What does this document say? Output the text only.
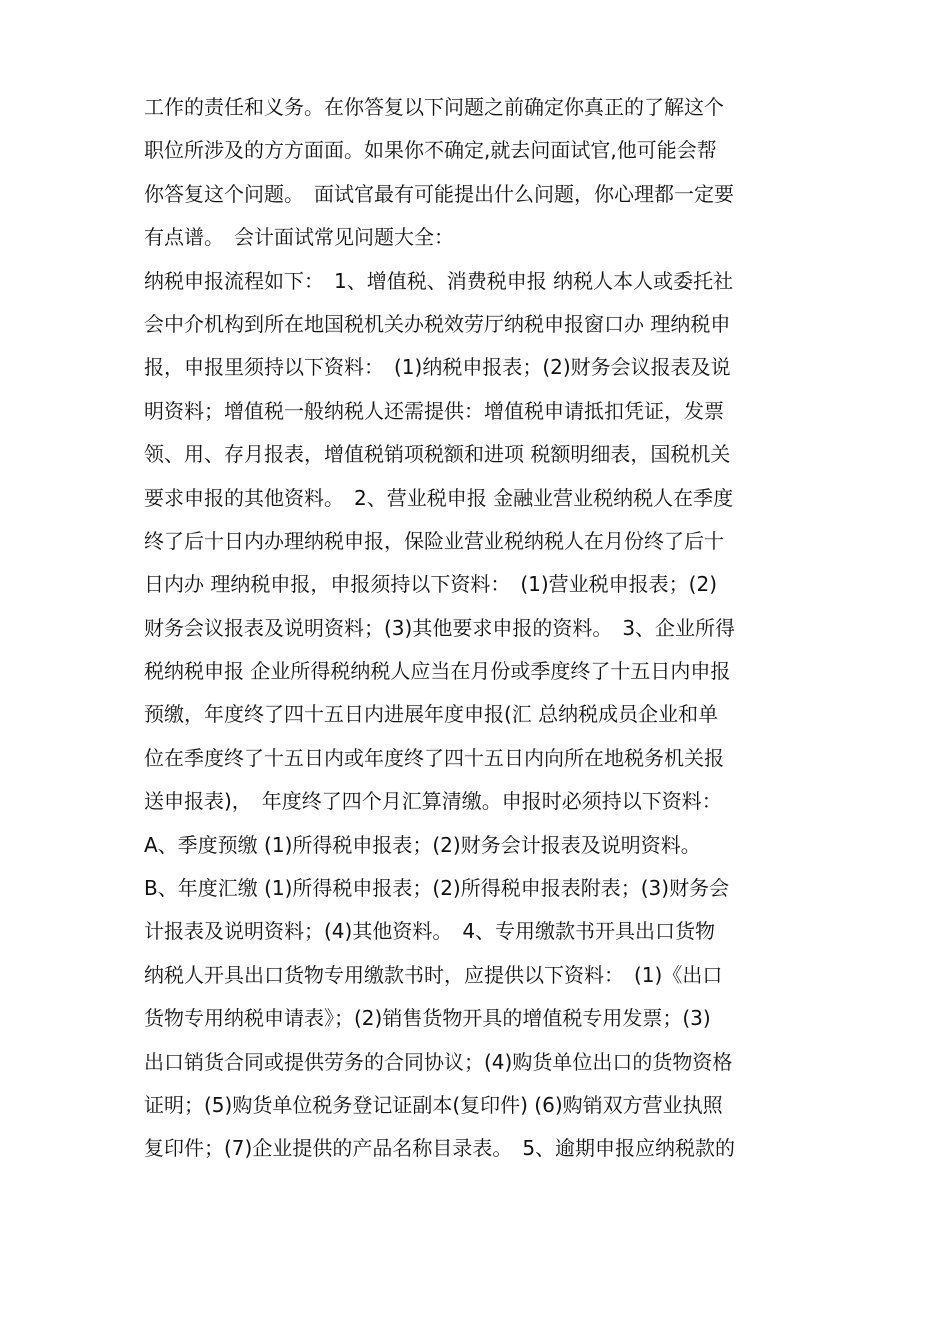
工作的责任和义务。在你答复以下问题之前确定你真正的了解这个
职位所涉及的方方面面。如果你不确定,就去问面试官,他可能会帮
你答复这个问题。　面试官最有可能提出什么问题，你心理都一定要
有点谱。　会计面试常见问题大全：
纳税申报流程如下：　1、增值税、消费税申报 纳税人本人或委托社
会中介机构到所在地国税机关办税效劳厅纳税申报窗口办 理纳税申
报，申报里须持以下资料：　(1)纳税申报表；(2)财务会议报表及说
明资料；增值税一般纳税人还需提供：增值税申请抵扣凭证，发票
领、用、存月报表，增值税销项税额和进项 税额明细表，国税机关
要求申报的其他资料。　2、营业税申报 金融业营业税纳税人在季度
终了后十日内办理纳税申报，保险业营业税纳税人在月份终了后十
日内办 理纳税申报，申报须持以下资料：　(1)营业税申报表；(2)
财务会议报表及说明资料；(3)其他要求申报的资料。　3、企业所得
税纳税申报 企业所得税纳税人应当在月份或季度终了十五日内申报
预缴，年度终了四十五日内进展年度申报(汇 总纳税成员企业和单
位在季度终了十五日内或年度终了四十五日内向所在地税务机关报
送申报表)，　年度终了四个月汇算清缴。申报时必须持以下资料：
A、季度预缴 (1)所得税申报表；(2)财务会计报表及说明资料。
B、年度汇缴 (1)所得税申报表；(2)所得税申报表附表；(3)财务会
计报表及说明资料；(4)其他资料。　4、专用缴款书开具出口货物
纳税人开具出口货物专用缴款书时，应提供以下资料：　(1)《出口
货物专用纳税申请表》；(2)销售货物开具的增值税专用发票；(3)
出口销货合同或提供劳务的合同协议；(4)购货单位出口的货物资格
证明；(5)购货单位税务登记证副本(复印件) (6)购销双方营业执照
复印件；(7)企业提供的产品名称目录表。　5、逾期申报应纳税款的
